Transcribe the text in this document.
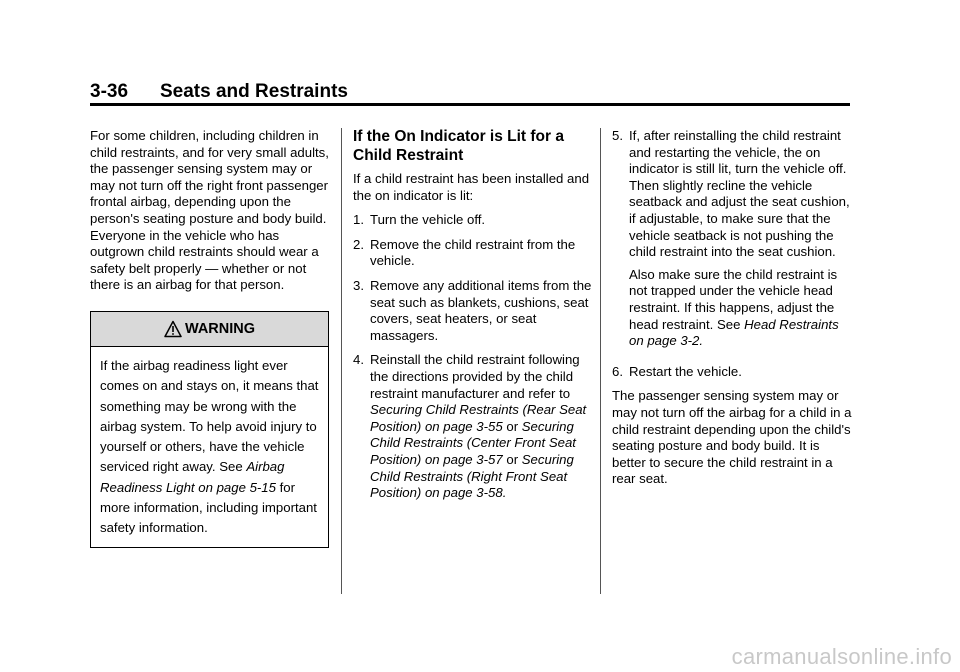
3-36 Seats and Restraints

For some children, including children in child restraints, and for very small adults, the passenger sensing system may or may not turn off the right front passenger frontal airbag, depending upon the person's seating posture and body build. Everyone in the vehicle who has outgrown child restraints should wear a safety belt properly — whether or not there is an airbag for that person.

WARNING
If the airbag readiness light ever comes on and stays on, it means that something may be wrong with the airbag system. To help avoid injury to yourself or others, have the vehicle serviced right away. See Airbag Readiness Light on page 5-15 for more information, including important safety information.
If the On Indicator is Lit for a Child Restraint

If a child restraint has been installed and the on indicator is lit:

1. Turn the vehicle off.
2. Remove the child restraint from the vehicle.
3. Remove any additional items from the seat such as blankets, cushions, seat covers, seat heaters, or seat massagers.
4. Reinstall the child restraint following the directions provided by the child restraint manufacturer and refer to Securing Child Restraints (Rear Seat Position) on page 3-55 or Securing Child Restraints (Center Front Seat Position) on page 3-57 or Securing Child Restraints (Right Front Seat Position) on page 3-58.
5. If, after reinstalling the child restraint and restarting the vehicle, the on indicator is still lit, turn the vehicle off. Then slightly recline the vehicle seatback and adjust the seat cushion, if adjustable, to make sure that the vehicle seatback is not pushing the child restraint into the seat cushion.

Also make sure the child restraint is not trapped under the vehicle head restraint. If this happens, adjust the head restraint. See Head Restraints on page 3-2.

6. Restart the vehicle.

The passenger sensing system may or may not turn off the airbag for a child in a child restraint depending upon the child's seating posture and body build. It is better to secure the child restraint in a rear seat.

carmanualsonline.info
